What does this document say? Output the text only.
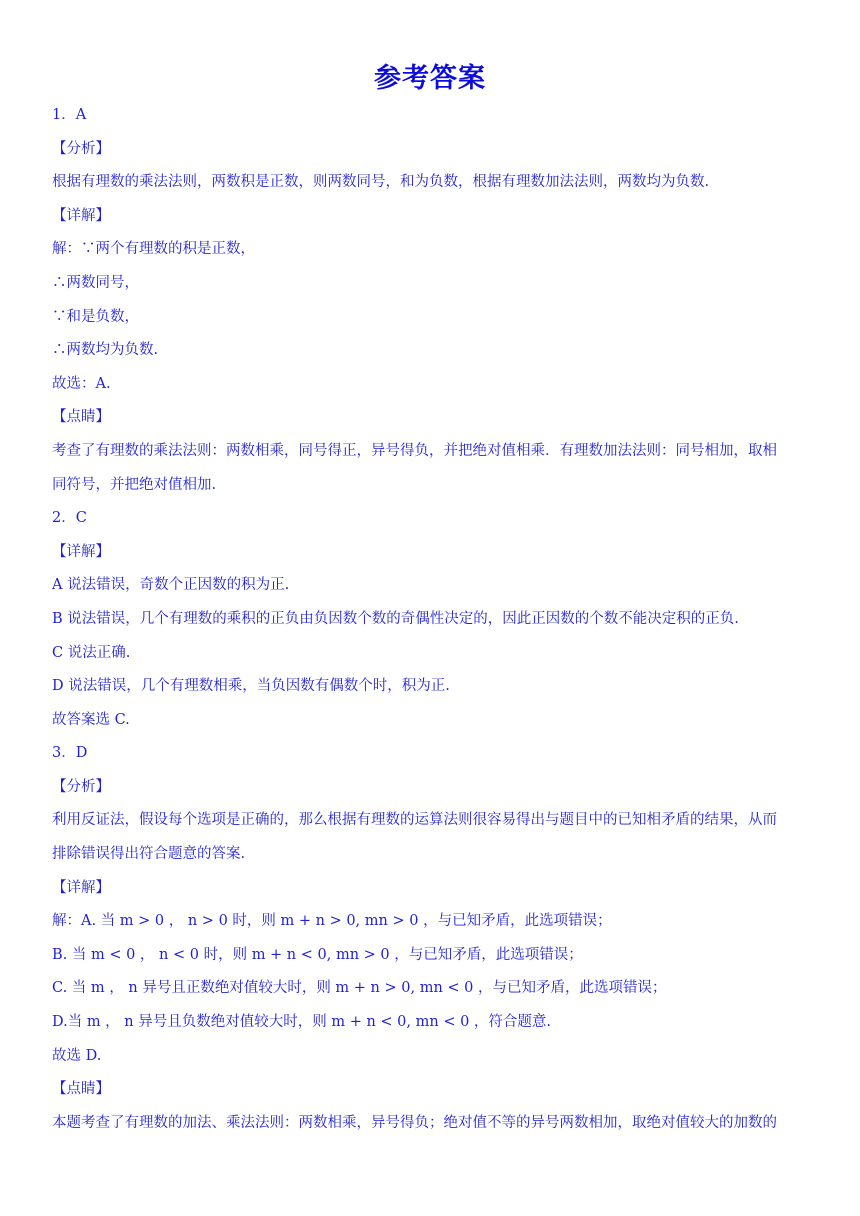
参考答案
1．A
【分析】
根据有理数的乘法法则，两数积是正数，则两数同号，和为负数，根据有理数加法法则，两数均为负数.
【详解】
解：∵两个有理数的积是正数，
∴两数同号，
∵和是负数，
∴两数均为负数.
故选：A.
【点睛】
考查了有理数的乘法法则：两数相乘，同号得正，异号得负，并把绝对值相乘．有理数加法法则：同号相加，取相
同符号，并把绝对值相加.
2．C
【详解】
A 说法错误，奇数个正因数的积为正.
B 说法错误，几个有理数的乘积的正负由负因数个数的奇偶性决定的，因此正因数的个数不能决定积的正负.
C 说法正确.
D 说法错误，几个有理数相乘，当负因数有偶数个时，积为正.
故答案选 C.
3．D
【分析】
利用反证法，假设每个选项是正确的，那么根据有理数的运算法则很容易得出与题目中的已知相矛盾的结果，从而
排除错误得出符合题意的答案.
【详解】
解：A. 当 m > 0 ， n > 0 时，则 m + n > 0, mn > 0 ，与已知矛盾，此选项错误；
B. 当 m < 0 ， n < 0 时，则 m + n < 0, mn > 0 ，与已知矛盾，此选项错误；
C. 当 m ， n 异号且正数绝对值较大时，则 m + n > 0, mn < 0 ，与已知矛盾，此选项错误；
D.当 m ， n 异号且负数绝对值较大时，则 m + n < 0, mn < 0 ，符合题意.
故选 D.
【点睛】
本题考查了有理数的加法、乘法法则：两数相乘，异号得负；绝对值不等的异号两数相加，取绝对值较大的加数的
